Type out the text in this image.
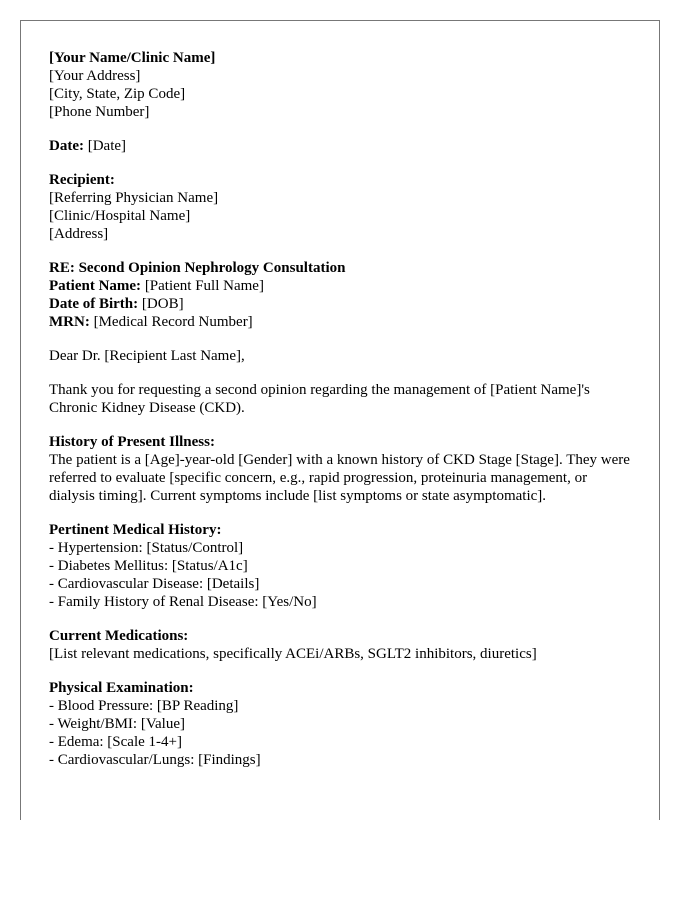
[Your Name/Clinic Name]
[Your Address]
[City, State, Zip Code]
[Phone Number]
Date: [Date]
Recipient:
[Referring Physician Name]
[Clinic/Hospital Name]
[Address]
RE: Second Opinion Nephrology Consultation
Patient Name: [Patient Full Name]
Date of Birth: [DOB]
MRN: [Medical Record Number]
Dear Dr. [Recipient Last Name],
Thank you for requesting a second opinion regarding the management of [Patient Name]'s Chronic Kidney Disease (CKD).
History of Present Illness:
The patient is a [Age]-year-old [Gender] with a known history of CKD Stage [Stage]. They were referred to evaluate [specific concern, e.g., rapid progression, proteinuria management, or dialysis timing]. Current symptoms include [list symptoms or state asymptomatic].
Pertinent Medical History:
- Hypertension: [Status/Control]
- Diabetes Mellitus: [Status/A1c]
- Cardiovascular Disease: [Details]
- Family History of Renal Disease: [Yes/No]
Current Medications:
[List relevant medications, specifically ACEi/ARBs, SGLT2 inhibitors, diuretics]
Physical Examination:
- Blood Pressure: [BP Reading]
- Weight/BMI: [Value]
- Edema: [Scale 1-4+]
- Cardiovascular/Lungs: [Findings]
